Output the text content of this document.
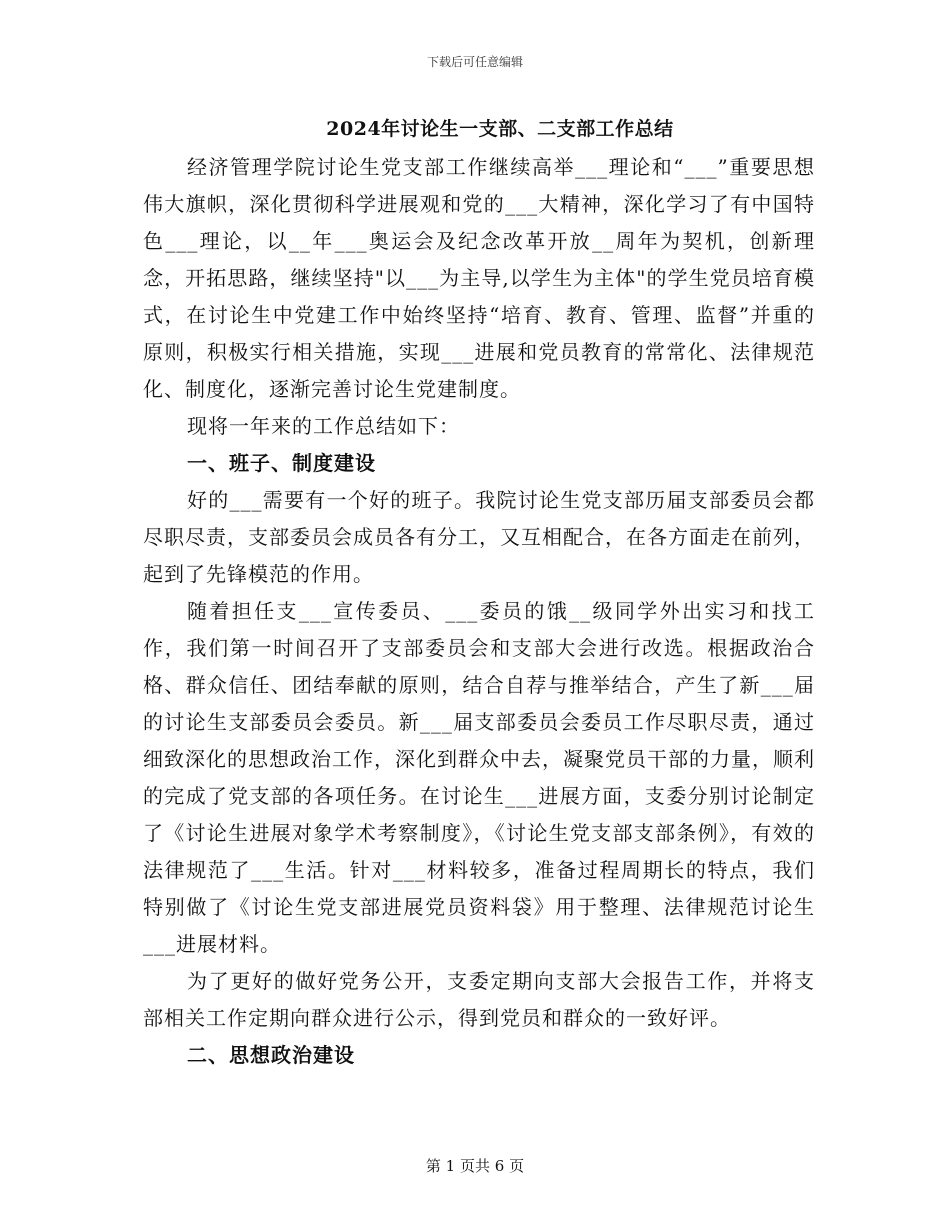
下载后可任意编辑
2024年讨论生一支部、二支部工作总结

经济管理学院讨论生党支部工作继续高举___理论和“___”重要思想伟大旗帜，深化贯彻科学进展观和党的___大精神，深化学习了有中国特色___理论，以__年___奥运会及纪念改革开放__周年为契机，创新理念，开拓思路，继续坚持"以___为主导,以学生为主体"的学生党员培育模式，在讨论生中党建工作中始终坚持“培育、教育、管理、监督”并重的原则，积极实行相关措施，实现___进展和党员教育的常常化、法律规范化、制度化，逐渐完善讨论生党建制度。

现将一年来的工作总结如下：

一、班子、制度建设

好的___需要有一个好的班子。我院讨论生党支部历届支部委员会都尽职尽责，支部委员会成员各有分工，又互相配合，在各方面走在前列，起到了先锋模范的作用。

随着担任支___宣传委员、___委员的饿__级同学外出实习和找工作，我们第一时间召开了支部委员会和支部大会进行改选。根据政治合格、群众信任、团结奉献的原则，结合自荐与推举结合，产生了新___届的讨论生支部委员会委员。新___届支部委员会委员工作尽职尽责，通过细致深化的思想政治工作，深化到群众中去，凝聚党员干部的力量，顺利的完成了党支部的各项任务。在讨论生___进展方面，支委分别讨论制定了《讨论生进展对象学术考察制度》，《讨论生党支部支部条例》，有效的法律规范了___生活。针对___材料较多，准备过程周期长的特点，我们特别做了《讨论生党支部进展党员资料袋》用于整理、法律规范讨论生___进展材料。

为了更好的做好党务公开，支委定期向支部大会报告工作，并将支部相关工作定期向群众进行公示，得到党员和群众的一致好评。

二、思想政治建设

第 1 页共 6 页
